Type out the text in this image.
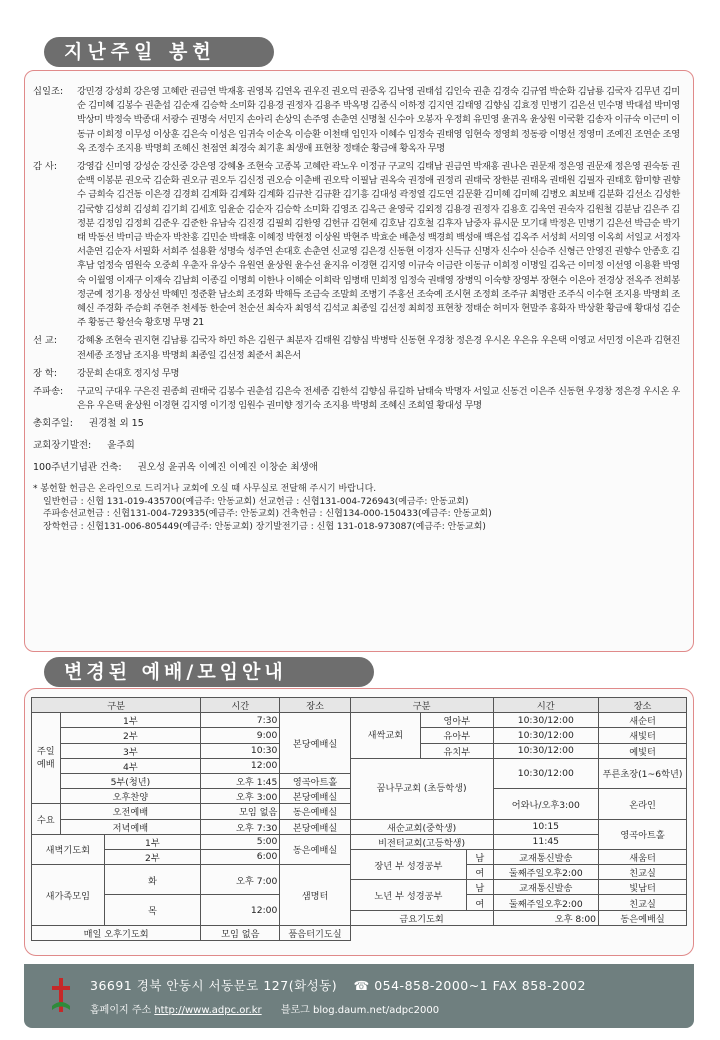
지난주일 봉헌
십일조:	강민경 강성희 강은영 고혜란 권금연 박재홍 권영복 김연옥 권우진 권오덕 권중옥 김낙영 권태섭 김인숙 권춘 김경숙 김규엽 박순화 김남룡 김국자 김무년 김미순 김미혜 김봉수 권춘섭 김순재 김승학 소미화 김용경 권정자 김용주 박옥명 김종식 이하정 김지연 김태영 김향심 김효정 민병기 김은선 민수명 박대섭 박미영 박상미 박정숙 박종대 서광수 권명숙 서민지 손아리 손상익 손주영 손춘연 신명철 신수아 오봉자 우정희 유민영 윤귀옥 윤상원 이국환 김송자 이규숙 이근미 이동규 이희정 이무성 이상훈 김은숙 이성은 임귀숙 이순옥 이승환 이천태 임인자 이혜수 임정숙 권태영 임현숙 정영희 정동광 이명선 정영미 조예진 조연순 조영옥 조정수 조지용 박명희 조혜신 천점연 최경숙 최기훈 최생애 표현창 정태순 황금애 황옥자 무명
감 사:	강영갑 신미영 강성순 강신중 강은영 강혜옹 조현숙 고종복 고혜란 곽노우 이정규 구교익 김태남 권금연 박재홍 권나은 권문재 정은영 권문재 정은영 권숙동 권순백 이봉분 권오국 김순화 권오규 권오두 김신정 권오승 이춘배 권오탁 이필남 권옥숙 권정애 권정리 권태국 장한분 권태옥 권태원 김필자 권태호 함미향 권향수 금희숙 김건동 이은경 김경희 김계화 김계화 김계화 김규찬 김규환 김기흥 김대성 곽정열 김도연 김문환 김미혜 김미혜 김병오 최보배 김분화 김선소 김성한 김국향 김성희 김성희 김기희 김세호 임윤순 김순자 김승학 소미화 김영조 김옥근 윤영국 김외정 김용경 권정자 김용호 김욱연 권숙자 김원철 김분남 김은주 김정분 김정임 김정희 김준우 김준한 유남숙 김진경 김필희 김한영 김헌규 김현제 김호남 김호철 김후자 남중자 류시문 모기대 박정은 민병기 김은선 박금순 박기태 박동선 박미금 박순자 박찬홍 김민순 박태훈 이혜정 박현정 이상원 박현주 박효순 배춘성 백경희 백성애 백은섭 김옥주 서성희 서의영 이옥희 서일교 서정자 서춘연 김순자 서필화 서희주 설용환 성명숙 성주연 손대호 손춘연 신교영 김은경 신동현 이경자 신득규 신명자 신수아 신승주 신형근 안영진 권향수 안종호 김후남 엄정숙 염원숙 오중희 우춘자 유상수 유원연 윤상원 윤수선 윤지유 이경현 김지영 이규숙 이금란 이동규 이희정 이명일 김옥근 이미정 이선영 이용환 박영숙 이월영 이재구 이재숙 김남희 이종길 이명희 이한나 이혜순 이희락 임병태 민희정 임정숙 권태영 장병익 이숙향 장영부 장현수 이은아 전경상 전옥주 전희봉 정군예 정기용 정상선 박혜민 정준환 남소희 조경화 박해득 조금숙 조말희 조병기 주홍선 조숙예 조시현 조정희 조주규 최명란 조주식 이수현 조지용 박명희 조혜신 주경화 주승희 주현주 천세동 한순여 천순선 최숙자 최영석 김석교 최종일 김선정 최희정 표현창 정태순 허미자 현말주 홍화자 박상환 황금애 황대성 김순주 황동근 황선숙 황호명 무명 21
선 교:	강혜옹 조현숙 권지현 김남룡 김국자 하민 하은 김원구 최분자 김태원 김향심 박병탁 신동현 우경창 정은경 우시온 우은유 우은택 이영교 서민정 이은과 김현진 전세종 조정남 조지용 박명희 최종일 김선정 최준서 최은서
장 학:	강문희 손대호 정지성 무명
주파송:	구교익 구대우 구은진 권종희 권태국 김봉수 권춘섭 김은숙 전세종 김한석 김향심 류길하 남태숙 박명자 서일교 신동건 이은주 신동현 우경창 정은경 우시온 우은유 우은택 윤상원 이경현 김지영 이기정 임원수 권미향 정기숙 조지용 박명희 조혜신 조희열 황대성 무명
총회주일: 권경철 외 15
교회장기발전: 윤주희
100주년기념관 건축: 권오성 윤귀옥 이예진 이예진 이창순 최생애
* 봉헌할 헌금은 온라인으로 드리거나 교회에 오실 때 사무실로 전달해 주시기 바랍니다.
일반헌금 : 신협 131-019-435700(예금주: 안동교회) 선교헌금 : 신협131-004-726943(예금주: 안동교회)
주파송선교헌금 : 신협131-004-729335(예금주: 안동교회) 건축헌금 : 신협134-000-150433(예금주: 안동교회)
장학헌금 : 신협131-006-805449(예금주: 안동교회) 장기발전기금 : 신협 131-018-973087(예금주: 안동교회)
변경된 예배/모임안내
구분			시간	장소	구분			시간	장소
주일예배	1부		7:30	본당예배실	새싹교회	영아부		10:30/12:00	새순터
	2부		9:00			유아부		10:30/12:00	새빛터
	3부		10:30			유치부		10:30/12:00	예빛터
	4부		12:00		꿈나무교회 (초등학생)			10:30/12:00	푸른초장(1~6학년)
	5부(청년)		오후 1:45	영곡아트홀					
	오후찬양		오후 3:00	본당예배실				어와나/오후3:00	온라인
수요	오전예배		모임 없음	동은예배실					
	저녁예배		오후 7:30	본당예배실	새순교회(중학생)			10:15	영곡아트홀
새벽기도회		1부	5:00	동은예배실	비전터교회(고등학생)			11:45	
		2부	6:00		장년 부 성경공부		남	교재통신발송	새움터
새가족모임		화	오후 7:00	샘명터			여	둘째주일오후2:00	친교실
					노년 부 성경공부		남	교재통신발송	빛남터
		목	12:00				여	둘째주일오후2:00	친교실
					금요기도회			오후 8:00	동은예배실
매일 오후기도회			모임 없음	품음터기도실					
36691 경북 안동시 서동문로 127(화성동) ☎ 054-858-2000~1 FAX 858-2002
홈페이지 주소 http://www.adpc.or.kr 블로그 blog.daum.net/adpc2000
